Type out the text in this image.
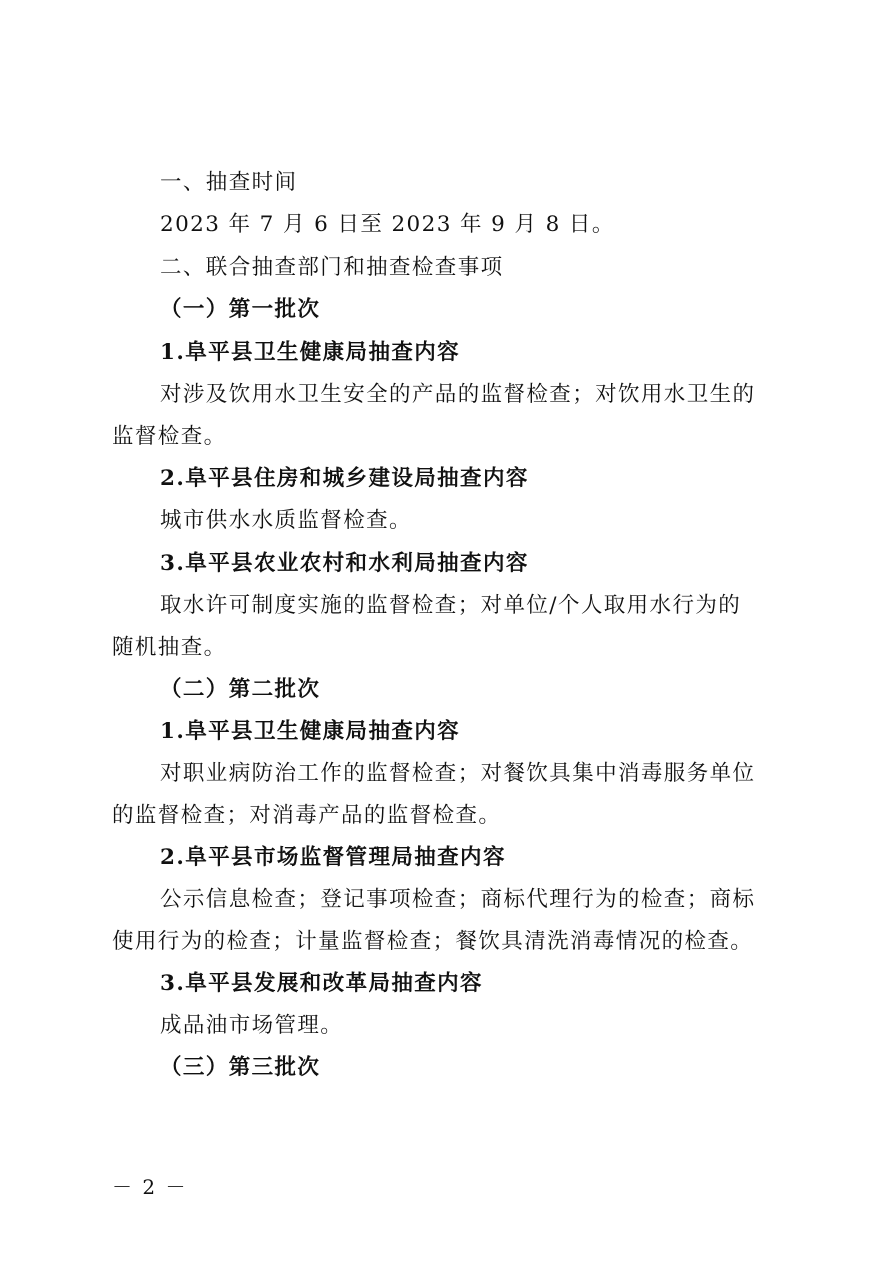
一、抽查时间
2023 年 7 月 6 日至 2023 年 9 月 8 日。
二、联合抽查部门和抽查检查事项
（一）第一批次
1.阜平县卫生健康局抽查内容
对涉及饮用水卫生安全的产品的监督检查；对饮用水卫生的
监督检查。
2.阜平县住房和城乡建设局抽查内容
城市供水水质监督检查。
3.阜平县农业农村和水利局抽查内容
取水许可制度实施的监督检查；对单位/个人取用水行为的
随机抽查。
（二）第二批次
1.阜平县卫生健康局抽查内容
对职业病防治工作的监督检查；对餐饮具集中消毒服务单位
的监督检查；对消毒产品的监督检查。
2.阜平县市场监督管理局抽查内容
公示信息检查；登记事项检查；商标代理行为的检查；商标
使用行为的检查；计量监督检查；餐饮具清洗消毒情况的检查。
3.阜平县发展和改革局抽查内容
成品油市场管理。
（三）第三批次
－ 2 －
